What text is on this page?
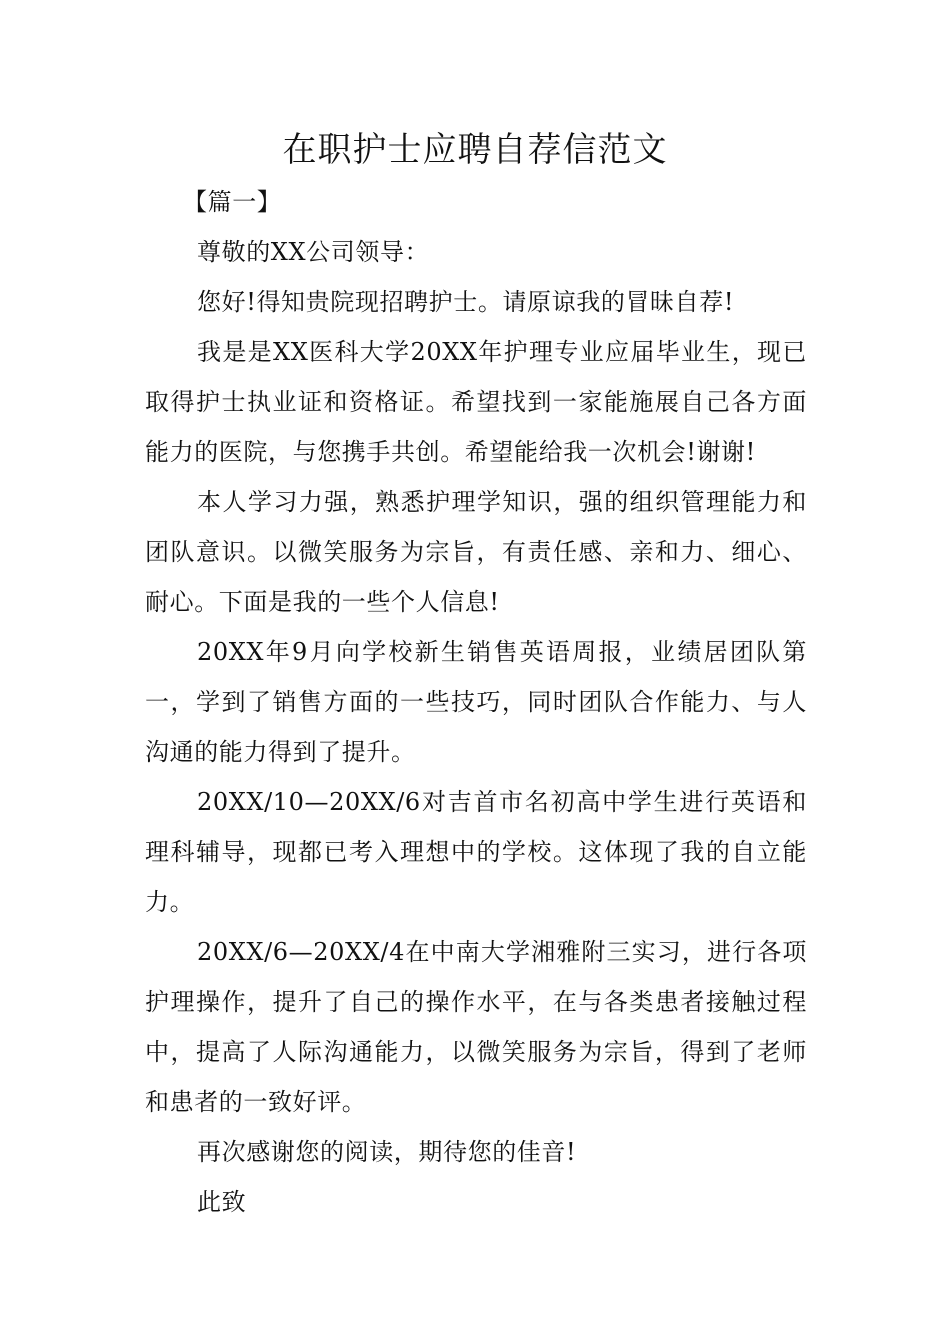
在职护士应聘自荐信范文

【篇一】

尊敬的XX公司领导：

您好!得知贵院现招聘护士。请原谅我的冒昧自荐!

我是是XX医科大学20XX年护理专业应届毕业生，现已取得护士执业证和资格证。希望找到一家能施展自己各方面能力的医院，与您携手共创。希望能给我一次机会!谢谢!

本人学习力强，熟悉护理学知识，强的组织管理能力和团队意识。以微笑服务为宗旨，有责任感、亲和力、细心、耐心。下面是我的一些个人信息!

20XX年9月向学校新生销售英语周报，业绩居团队第一，学到了销售方面的一些技巧，同时团队合作能力、与人沟通的能力得到了提升。

20XX/10—20XX/6对吉首市名初高中学生进行英语和理科辅导，现都已考入理想中的学校。这体现了我的自立能力。

20XX/6—20XX/4在中南大学湘雅附三实习，进行各项护理操作，提升了自己的操作水平，在与各类患者接触过程中，提高了人际沟通能力，以微笑服务为宗旨，得到了老师和患者的一致好评。

再次感谢您的阅读，期待您的佳音!

此致
